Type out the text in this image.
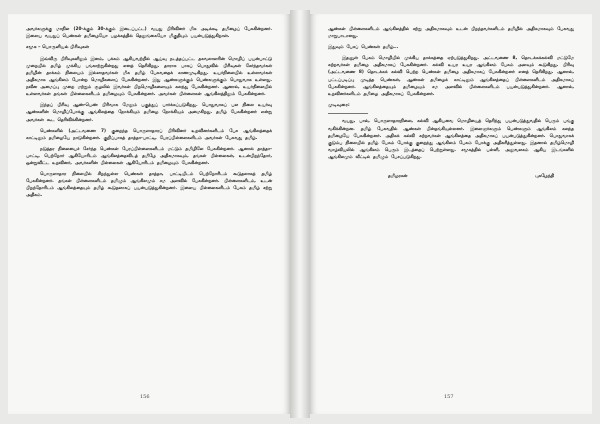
அவர்களுக்கு மாநில (20-க்கும் 30-க்கும் இடைப்பட்ட) வயது பிரிவினர் மிக அடிக்கடி தமிழைப் பேசுகின்றனர். இளைய வயதுப் பெண்கள் தமிழையோ பழக்கத்தில் தெலுங்கையோ மிகுதியும் பயன்படுத்துகிறாள்.

சமூக – பொருளியல் பிரிவுகள்

இவ்விரு பிரிவுகளிலும் இனம், பக்கம் ஆகியவற்றில் ஆய்வு நடத்தப்பட்ட தகவலாளரின் மொழிப் பயன்பாட்டு முறையில் தமிழ் முக்கிய பங்காற்றுகின்றது எனத் தெரிகிறது. தாராக பாகப் பொதுவில் பிரிவுகள் சேர்ந்தவர்கள் தமிழின் தாக்கம் நிலையம் இல்லாதவர்கள் மிக தமிழ் பேசுவதைக் காணமுடிகிறது. உயர்நிலையில் உள்ளவர்கள் அதிகமாக ஆங்கிலம் போன்ற மொழிகளைப் பேசுகின்றனர். இது ஆண்களுக்கும் பெண்களுக்கும் பொதுவாக உள்ளது. நவீன அமைப்பு முறை மற்றும் சூழலில் இவர்கள் பிறமொழிகளையும் கலந்து பேசுகின்றனர். ஆனால், உயர்நிலையில் உள்ளவர்கள் தங்கள் பிள்ளைகளிடம் தமிழையும் பேசுகின்றனர். அவர்கள் பிள்ளைகள் ஆங்கிலத்திலும் பேசுகின்றனர்.

இந்தப் பிரிவு ஆண்-பெண் பிரிவாக மேலும் பகுத்துப் பார்க்கப்படுகிறது. பொதுவாகப் பல நிலை உயர்வு ஆண்களின் மொழிப்போக்கு ஆங்கிலத்தை நோக்கியும் தமிழை நோக்கியும் அமைகிறது. தமிழ் பேசுகின்றனர் என்று அவர்கள் கூட தெரிவிக்கின்றனர்.

பெண்களில் (அட்டவணை 7) குறைந்த பொருளாதாரப் பிரிவினர் உறவினர்களிடம் பேச ஆங்கிலத்தைக் காட்டிலும் தமிழையே நாடுகின்றனர். குறிப்பாகத் தாத்தா-பாட்டி, பேரப்பிள்ளைகளிடம் அவர்கள் பேசுவது தமிழ்.

நடுத்தர நிலையைச் சேர்ந்த பெண்கள் பேரப்பிள்ளைகளிடம் மட்டும் தமிழிலே பேசுகின்றனர். ஆனால் தாத்தா-பாட்டி, பெற்றோர் ஆகியோரிடம் ஆங்கிலத்தைவிடத் தமிழே அதிகமாகவும், தங்கள் பிள்ளைகள், உடன்பிறந்தோர், ஒன்றுவிட்ட உறவினர், அவர்களின் பிள்ளைகள் ஆகியோரிடம் தமிழையும் பேசுகின்றனர்.

பொருளாதார நிலையில் சிறந்துள்ள பெண்கள் தாத்தா, பாட்டியிடம் பெற்றோரிடம் கூடுதலாகத் தமிழ் பேசுகின்றனர். தங்கள் பிள்ளைகளிடம் தமிழும் ஆங்கிலமும் சம அளவில் பேசுகின்றனர். பிள்ளைகளிடம், உடன் பிறந்தோரிடம் ஆங்கிலத்தையும் தமிழ் கூடுதலாகப் பயன்படுத்துகின்றனர். இளைய பிள்ளைகளிடம் பேசும் தமிழ் சற்று அதிகம்.

156

ஆண்கள் பிள்ளைகளிடம் ஆங்கிலத்தில் சற்று அதிகமாகவும் உடன் பிறந்தவர்களிடம் தமிழில் அதிகமாகவும் பேசுவது மாறுபாடானது.

இதுவும் பேசப் பெண்கள் தமிழ்...

இதனுள் பேசும் மொழியில் முக்கிய தாக்கத்தை ஏற்படுத்துகிறது. அட்டவணை 8, தொடக்கக்கல்வி மட்டுமே கற்றவர்கள் தமிழை அதிகமாகப் பேசுகின்றனர். கல்வி உயர உயர ஆங்கிலம் பேசும் அளவும் கூடுகிறது. பிரிவு (அட்டவணை 8) தொடக்கக் கல்வி பெற்ற பெண்கள் தமிழை அதிகமாகப் பேசுகின்றனர் எனத் தெரிகிறது. ஆனால், பட்டப்படிப்பு முடித்த பெண்கள், ஆண்கள் தமிழைக் காட்டிலும் ஆங்கிலத்தைப் பிள்ளைகளிடம் அதிகமாகப் பேசுகின்றனர். ஆங்கிலத்தையும் தமிழையும் சம அளவில் பிள்ளைகளிடம் பயன்படுத்துகின்றனர். ஆனால், உறவினர்களிடம் தமிழை அதிகமாகப் பேசுகின்றனர்.

முடிவுரை:

வயது, பால், பொருளாதாரநிலை, கல்வி ஆகியவை மொழியைத் தெரிந்து பயன்படுத்துவதில் பெரும் பங்கு வகிக்கின்றன. தமிழ் பேசுவதில் ஆண்கள் பின்தங்கியுள்ளனர். இளைஞர்களும் பெண்களும் ஆங்கிலம் கலந்த தமிழையே பேசுகின்றனர். அதிகக் கல்வி கற்றவர்கள் ஆங்கிலத்தை அதிகமாகப் பயன்படுத்துகின்றனர். பொதுவாகக் குடும்ப நிலையில் தமிழ் பேசும் போக்கு குறைந்து ஆங்கிலம் பேசும் போக்கு அதிகரித்துள்ளது. இதனால் தமிழ்மொழி வாழ்வியலில் ஆங்கிலம் பெரும் இடத்தைப் பெற்றுள்ளது. சமூகத்தில் பள்ளி, அலுவலகம் ஆகிய இடங்களில் ஆங்கிலமும் வீட்டில் தமிழும் பேசப்படுகிறது.

தமிழரசன்	புகழேந்தி
157
